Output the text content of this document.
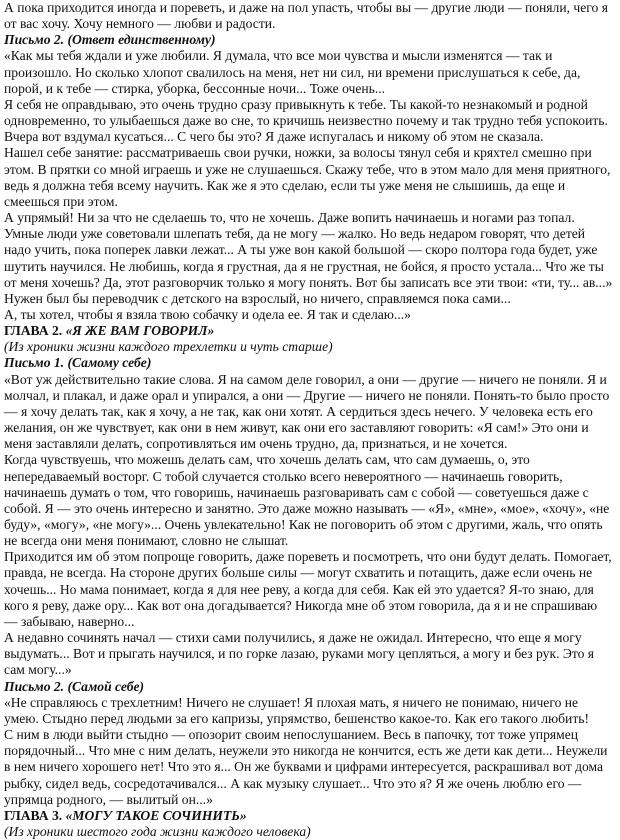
А пока приходится иногда и пореветь, и даже на пол упасть, чтобы вы — другие люди — поняли, чего я от вас хочу. Хочу немного — любви и радости.
Письмо 2. (Ответ единственному)
«Как мы тебя ждали и уже любили. Я думала, что все мои чувства и мысли изменятся — так и произошло. Но сколько хлопот свалилось на меня, нет ни сил, ни времени прислушаться к себе, да, порой, и к тебе — стирка, уборка, бессонные ночи... Тоже очень...
Я себя не оправдываю, это очень трудно сразу привыкнуть к тебе. Ты какой-то незнакомый и родной одновременно, то улыбаешься даже во сне, то кричишь неизвестно почему и так трудно тебя успокоить. Вчера вот вздумал кусаться... С чего бы это? Я даже испугалась и никому об этом не сказала.
Нашел себе занятие: рассматриваешь свои ручки, ножки, за волосы тянул себя и кряхтел смешно при этом. В прятки со мной играешь и уже не слушаешься. Скажу тебе, что в этом мало для меня приятного, ведь я должна тебя всему научить. Как же я это сделаю, если ты уже меня не слышишь, да еще и смеешься при этом.
А упрямый! Ни за что не сделаешь то, что не хочешь. Даже вопить начинаешь и ногами раз топал. Умные люди уже советовали шлепать тебя, да не могу — жалко. Но ведь недаром говорят, что детей надо учить, пока поперек лавки лежат... А ты уже вон какой большой — скоро полтора года будет, уже шутить научился. Не любишь, когда я грустная, да я не грустная, не бойся, я просто устала... Что же ты от меня хочешь? Да, этот разговорчик только я могу понять. Вот бы записать все эти твои: «ти, ту... ав...» Нужен был бы переводчик с детского на взрослый, но ничего, справляемся пока сами...
А, ты хотел, чтобы я взяла твою собачку и одела ее. Я так и сделаю...»
ГЛАВА 2. «Я ЖЕ ВАМ ГОВОРИЛ»
(Из хроники жизни каждого трехлетки и чуть старше)
Письмо 1. (Самому себе)
«Вот уж действительно такие слова. Я на самом деле говорил, а они — другие — ничего не поняли. Я и молчал, и плакал, и даже орал и упирался, а они — Другие — ничего не поняли. Понять-то было просто — я хочу делать так, как я хочу, а не так, как они хотят. А сердиться здесь нечего. У человека есть его желания, он же чувствует, как они в нем живут, как они его заставляют говорить: «Я сам!» Это они и меня заставляли делать, сопротивляться им очень трудно, да, признаться, и не хочется.
Когда чувствуешь, что можешь делать сам, что хочешь делать сам, что сам думаешь, о, это непередаваемый восторг. С тобой случается столько всего невероятного — начинаешь говорить, начинаешь думать о том, что говоришь, начинаешь разговаривать сам с собой — советуешься даже с собой. Я — это очень интересно и занятно. Это даже можно называть — «Я», «мне», «мое», «хочу», «не буду», «могу», «не могу»... Очень увлекательно! Как не поговорить об этом с другими, жаль, что опять не всегда они меня понимают, словно не слышат.
Приходится им об этом попроще говорить, даже пореветь и посмотреть, что они будут делать. Помогает, правда, не всегда. На стороне других больше силы — могут схватить и потащить, даже если очень не хочешь... Но мама понимает, когда я для нее реву, а когда для себя. Как ей это удается? Я-то знаю, для кого я реву, даже ору... Как вот она догадывается? Никогда мне об этом говорила, да я и не спрашиваю — забываю, наверно...
А недавно сочинять начал — стихи сами получились, я даже не ожидал. Интересно, что еще я могу выдумать... Вот и прыгать научился, и по горке лазаю, руками могу цепляться, а могу и без рук. Это я сам могу...»
Письмо 2. (Самой себе)
«Не справляюсь с трехлетним! Ничего не слушает! Я плохая мать, я ничего не понимаю, ничего не умею. Стыдно перед людьми за его капризы, упрямство, бешенство какое-то. Как его такого любить!
С ним в люди выйти стыдно — опозорит своим непослушанием. Весь в папочку, тот тоже упрямец порядочный... Что мне с ним делать, неужели это никогда не кончится, есть же дети как дети... Неужели в нем ничего хорошего нет! Что это я... Он же буквами и цифрами интересуется, раскрашивал вот дома рыбку, сидел ведь, сосредотачивался... А как музыку слушает... Что это я? Я же очень люблю его — упрямца родного, — вылитый он...»
ГЛАВА 3. «МОГУ ТАКОЕ СОЧИНИТЬ»
(Из хроники шестого года жизни каждого человека)
